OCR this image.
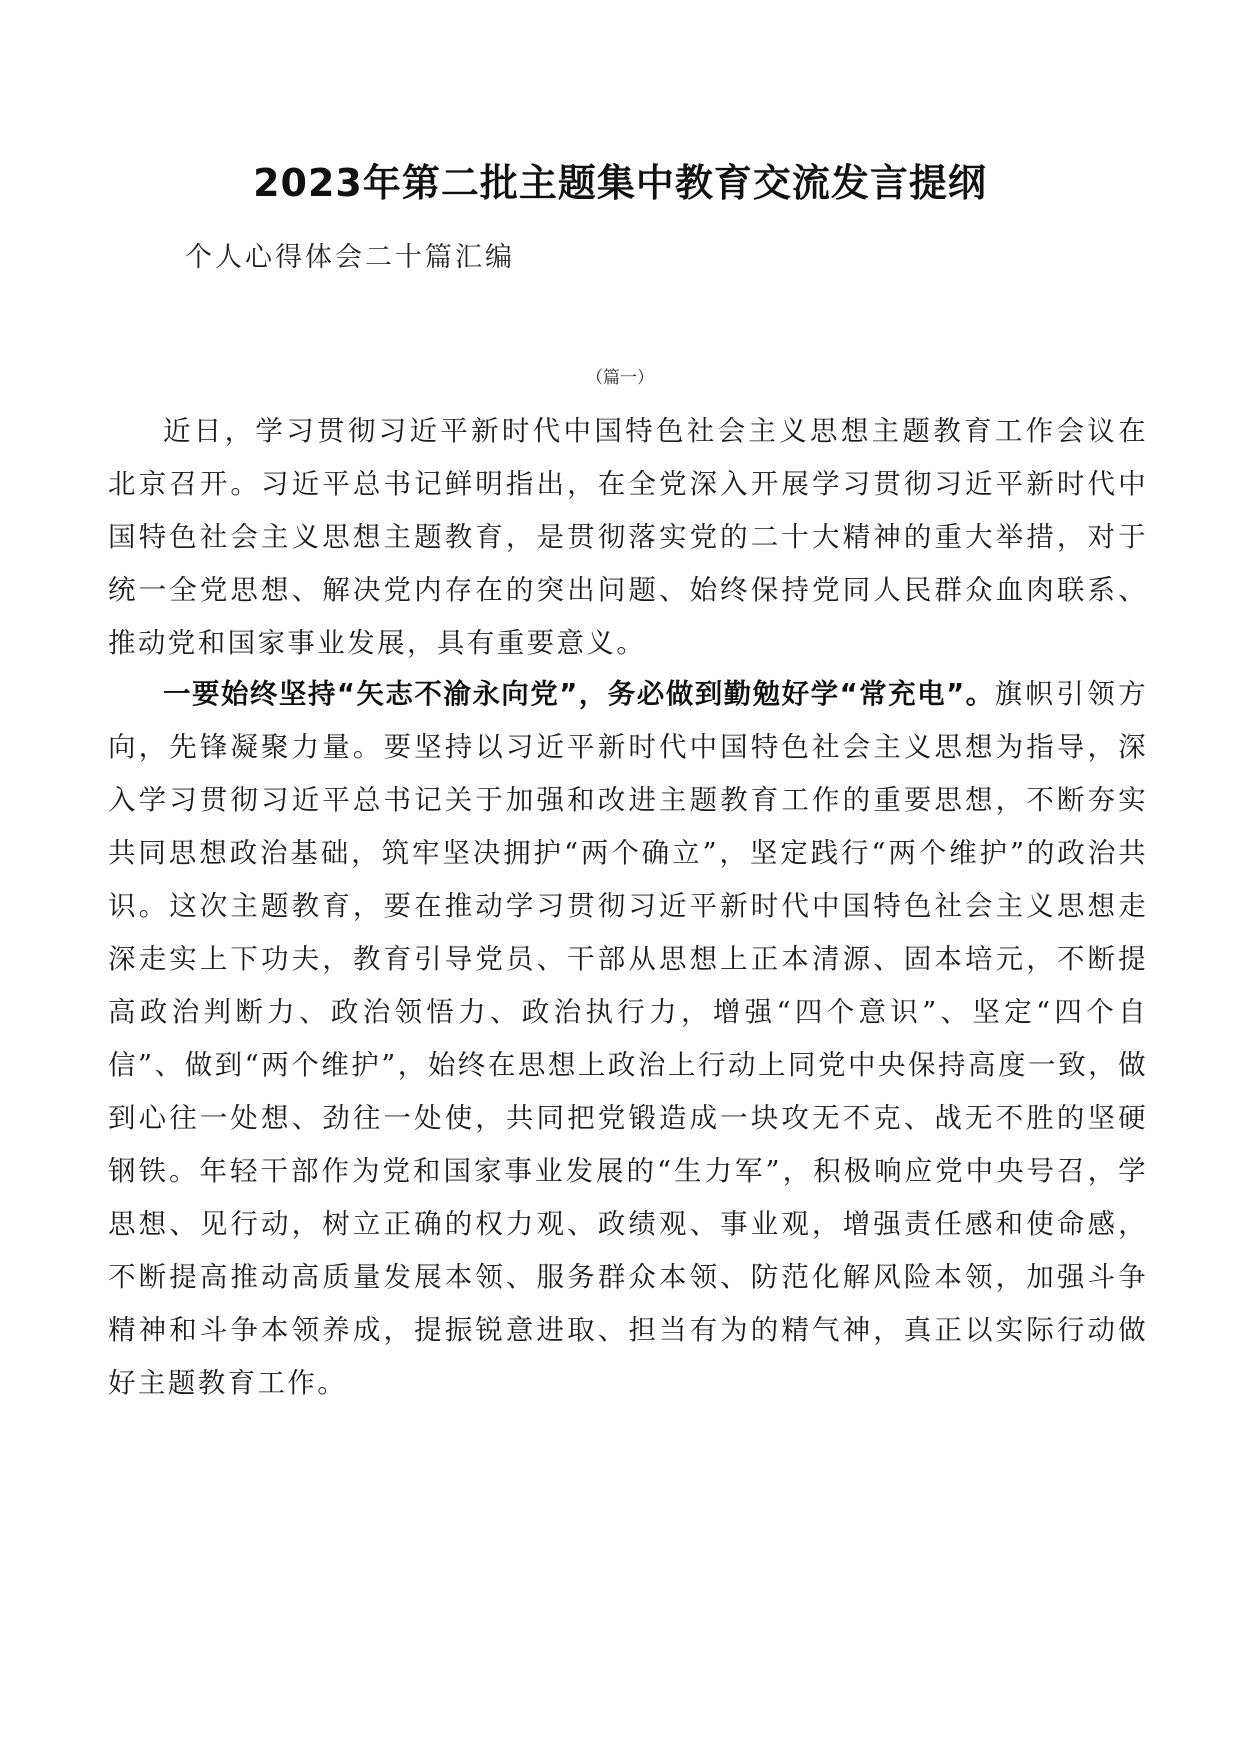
2023年第二批主题集中教育交流发言提纲

个人心得体会二十篇汇编

（篇一）

近日，学习贯彻习近平新时代中国特色社会主义思想主题教育工作会议在北京召开。习近平总书记鲜明指出，在全党深入开展学习贯彻习近平新时代中国特色社会主义思想主题教育，是贯彻落实党的二十大精神的重大举措，对于统一全党思想、解决党内存在的突出问题、始终保持党同人民群众血肉联系、推动党和国家事业发展，具有重要意义。

一要始终坚持“矢志不渝永向党”，务必做到勤勉好学“常充电”。旗帜引领方向，先锋凝聚力量。要坚持以习近平新时代中国特色社会主义思想为指导，深入学习贯彻习近平总书记关于加强和改进主题教育工作的重要思想，不断夯实共同思想政治基础，筑牢坚决拥护“两个确立”，坚定践行“两个维护”的政治共识。这次主题教育，要在推动学习贯彻习近平新时代中国特色社会主义思想走深走实上下功夫，教育引导党员、干部从思想上正本清源、固本培元，不断提高政治判断力、政治领悟力、政治执行力，增强“四个意识”、坚定“四个自信”、做到“两个维护”，始终在思想上政治上行动上同党中央保持高度一致，做到心往一处想、劲往一处使，共同把党锻造成一块攻无不克、战无不胜的坚硬钢铁。年轻干部作为党和国家事业发展的“生力军”，积极响应党中央号召，学思想、见行动，树立正确的权力观、政绩观、事业观，增强责任感和使命感，不断提高推动高质量发展本领、服务群众本领、防范化解风险本领，加强斗争精神和斗争本领养成，提振锐意进取、担当有为的精气神，真正以实际行动做好主题教育工作。
